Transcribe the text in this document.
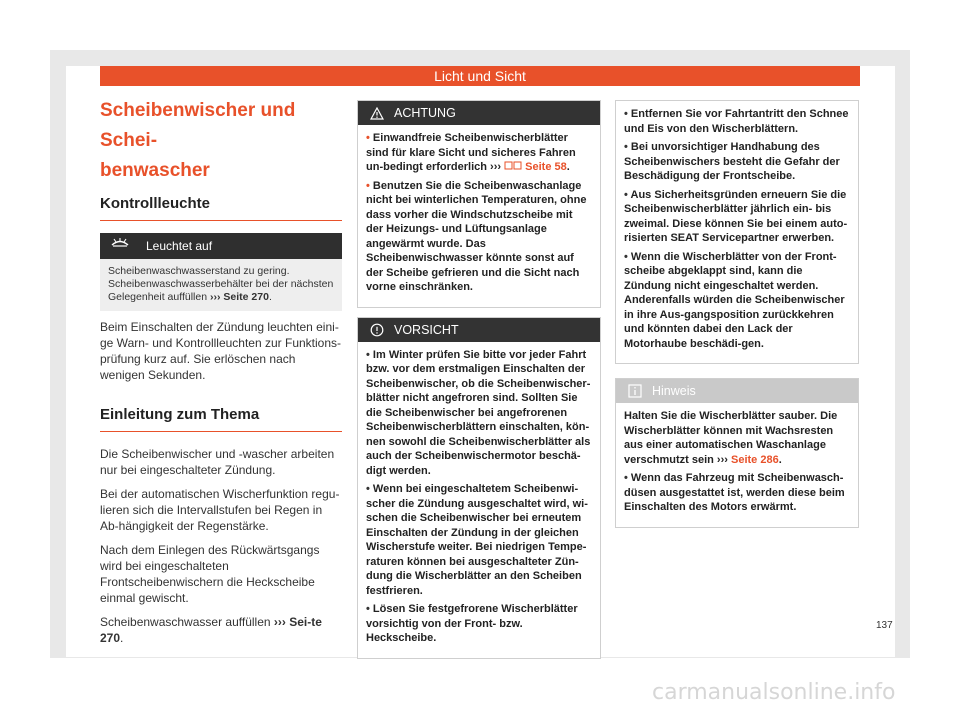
Licht und Sicht
Scheibenwischer und Schei-
benwascher
Kontrollleuchte
Leuchtet auf
Scheibenwaschwasserstand zu gering.
Scheibenwaschwasserbehälter bei der nächsten
Gelegenheit auffüllen ››› Seite 270.

Beim Einschalten der Zündung leuchten eini-ge Warn- und Kontrollleuchten zur Funktions-prüfung kurz auf. Sie erlöschen nach wenigen Sekunden.

Einleitung zum Thema

Die Scheibenwischer und -wascher arbeiten nur bei eingeschalteter Zündung.

Bei der automatischen Wischerfunktion regu-lieren sich die Intervallstufen bei Regen in Ab-hängigkeit der Regenstärke.

Nach dem Einlegen des Rückwärtsgangs wird bei eingeschalteten Frontscheibenwischern die Heckscheibe einmal gewischt.

Scheibenwaschwasser auffüllen ››› Sei-te 270.

ACHTUNG

• Einwandfreie Scheibenwischerblätter sind für klare Sicht und sicheres Fahren un-bedingt erforderlich ››› Seite 58.

• Benutzen Sie die Scheibenwaschanlage nicht bei winterlichen Temperaturen, ohne dass vorher die Windschutzscheibe mit der Heizungs- und Lüftungsanlage angewärmt wurde. Das Scheibenwischwasser könnte sonst auf der Scheibe gefrieren und die Sicht nach vorne einschränken.

VORSICHT

• Im Winter prüfen Sie bitte vor jeder Fahrt bzw. vor dem erstmaligen Einschalten der Scheibenwischer, ob die Scheibenwischer-blätter nicht angefroren sind. Sollten Sie die Scheibenwischer bei angefrorenen Scheibenwischerblättern einschalten, kön-nen sowohl die Scheibenwischerblätter als auch der Scheibenwischermotor beschä-digt werden.

• Wenn bei eingeschaltetem Scheibenwi-scher die Zündung ausgeschaltet wird, wi-schen die Scheibenwischer bei erneutem Einschalten der Zündung in der gleichen Wischerstufe weiter. Bei niedrigen Tempe-raturen können bei ausgeschalteter Zün-dung die Wischerblätter an den Scheiben festfrieren.

• Lösen Sie festgefrorene Wischerblätter vorsichtig von der Front- bzw. Heckscheibe.

• Entfernen Sie vor Fahrtantritt den Schnee und Eis von den Wischerblättern.

• Bei unvorsichtiger Handhabung des Scheibenwischers besteht die Gefahr der Beschädigung der Frontscheibe.

• Aus Sicherheitsgründen erneuern Sie die Scheibenwischerblätter jährlich ein- bis zweimal. Diese können Sie bei einem auto-risierten SEAT Servicepartner erwerben.

• Wenn die Wischerblätter von der Front-scheibe abgeklappt sind, kann die Zündung nicht eingeschaltet werden. Anderenfalls würden die Scheibenwischer in ihre Aus-gangsposition zurückkehren und könnten dabei den Lack der Motorhaube beschädi-gen.

Hinweis

Halten Sie die Wischerblätter sauber. Die Wischerblätter können mit Wachsresten aus einer automatischen Waschanlage verschmutzt sein ››› Seite 286.

• Wenn das Fahrzeug mit Scheibenwasch-düsen ausgestattet ist, werden diese beim Einschalten des Motors erwärmt.

137
carmanualsonline.info
